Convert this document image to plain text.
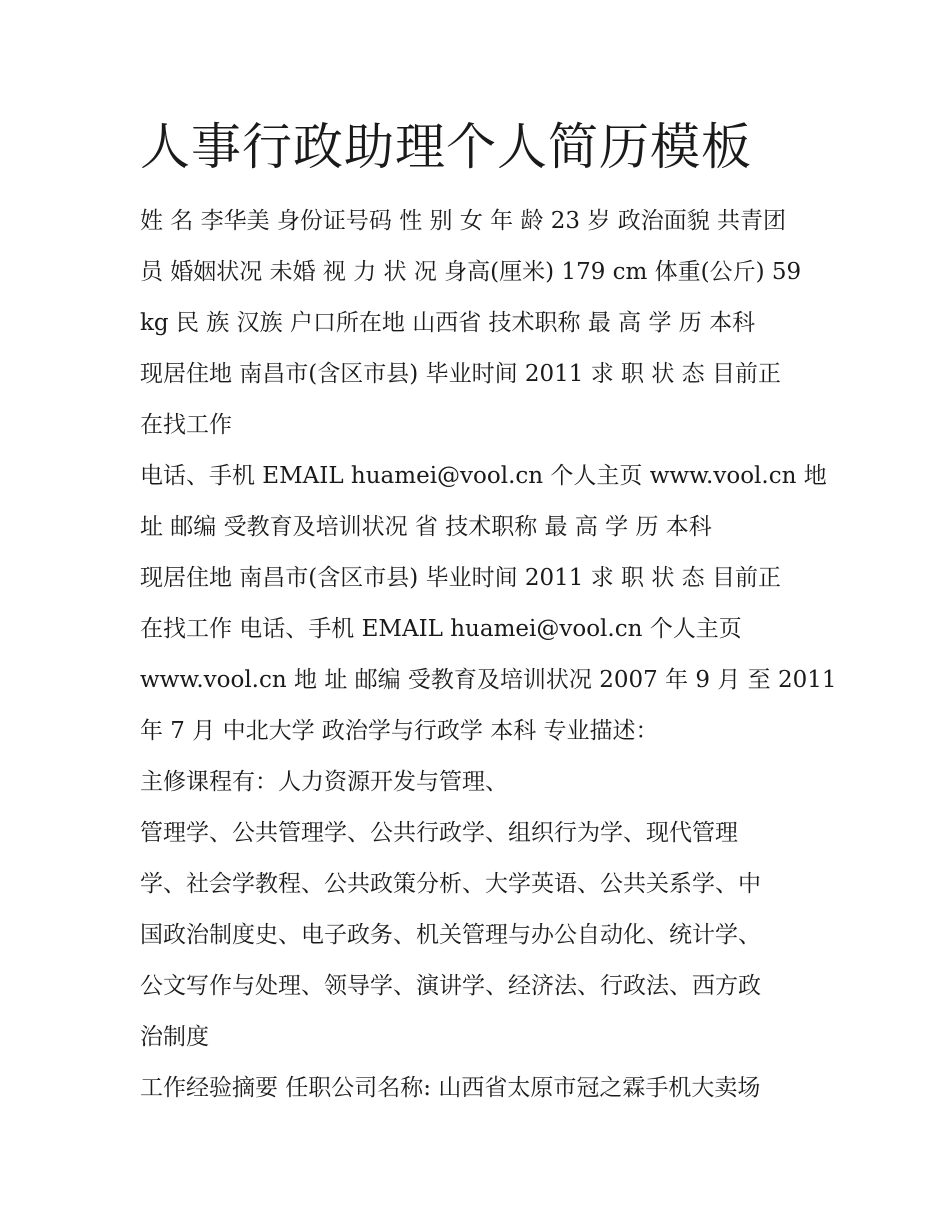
人事行政助理个人简历模板
姓 名 李华美 身份证号码 性 别 女 年 龄 23 岁 政治面貌 共青团
员 婚姻状况 未婚 视 力 状 况 身高(厘米) 179 cm 体重(公斤) 59
kg 民 族 汉族 户口所在地 山西省 技术职称 最 高 学 历 本科
现居住地 南昌市(含区市县) 毕业时间 2011 求 职 状 态 目前正
在找工作
电话、手机 EMAIL huamei@vool.cn 个人主页 www.vool.cn 地
址 邮编 受教育及培训状况 省 技术职称 最 高 学 历 本科
现居住地 南昌市(含区市县) 毕业时间 2011 求 职 状 态 目前正
在找工作 电话、手机 EMAIL huamei@vool.cn 个人主页
www.vool.cn 地 址 邮编 受教育及培训状况 2007 年 9 月 至 2011
年 7 月 中北大学 政治学与行政学 本科 专业描述：
主修课程有：人力资源开发与管理、
管理学、公共管理学、公共行政学、组织行为学、现代管理
学、社会学教程、公共政策分析、大学英语、公共关系学、中
国政治制度史、电子政务、机关管理与办公自动化、统计学、
公文写作与处理、领导学、演讲学、经济法、行政法、西方政
治制度
工作经验摘要 任职公司名称: 山西省太原市冠之霖手机大卖场
